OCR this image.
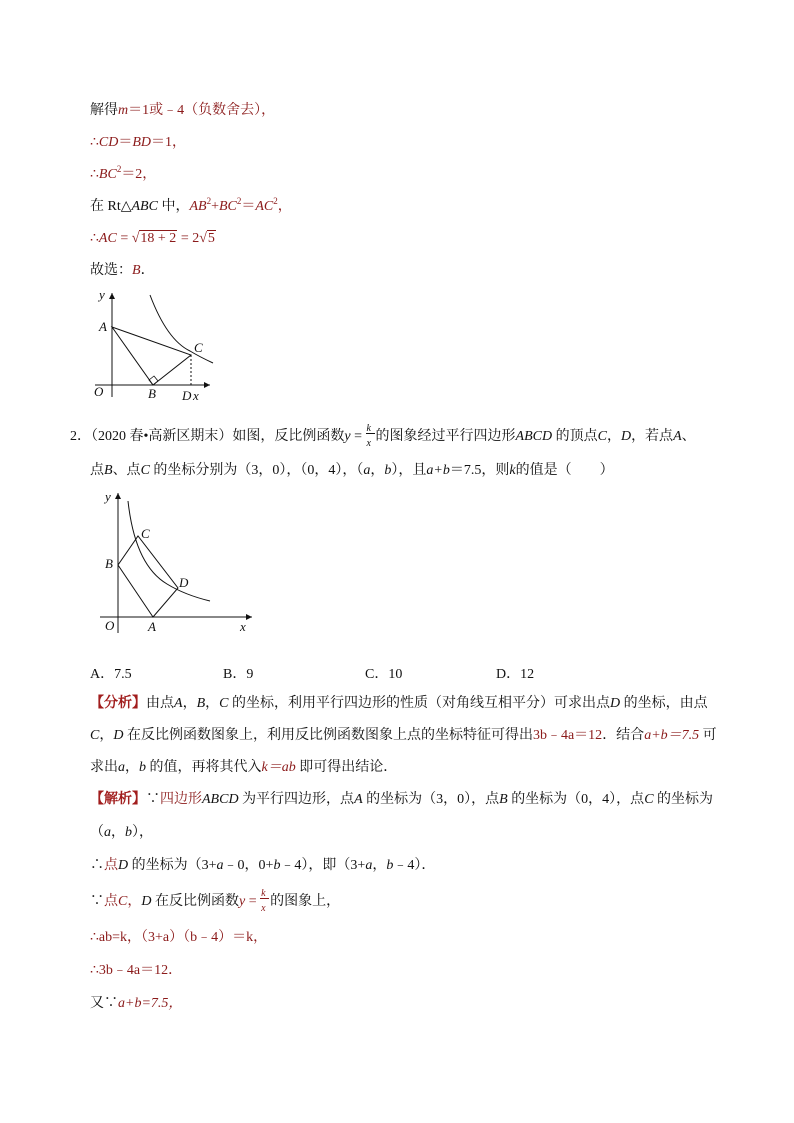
解得m＝1或﹣4（负数舍去），
∴CD＝BD＝1，
$\therefore BC^2=2$，
在 Rt△ABC 中，$AB^2+BC^2=AC^2$，
∴AC = √18 + 2 = 2√5
故选：B．
y
A
C
O	B D x
2．（2020 春•高新区期末）如图，反比例函数$y = \frac{k}{x}$ 的图象经过平行四边形ABCD 的顶点C，D，若点A、
点B、点C 的坐标分别为（3，0），（0，4），（a，b），且a+b＝7.5，则k的值是（　　）
y
B
C
D
O	A	x
A．7.5	B．9	C．10	D．12
【分析】由点A，B，C 的坐标，利用平行四边形的性质（对角线互相平分）可求出点D 的坐标，由点
C，D 在反比例函数图象上，利用反比例函数图象上点的坐标特征可得出3b﹣4a＝12．结合a+b＝7.5 可
求出a，b 的值，再将其代入k＝ab 即可得出结论．
【解析】∵四边形ABCD 为平行四边形，点A 的坐标为（3，0），点B 的坐标为（0，4），点C 的坐标为
（a，b），
∴点D 的坐标为（3+a﹣0，0+b﹣4），即（3+a，b﹣4）．
∵点C，D 在反比例函数$y = \frac{k}{x}$ 的图象上，
∴ab=k，（3+a）（b﹣4）＝k，
∴3b﹣4a＝12．
又∵a+b=7.5，
